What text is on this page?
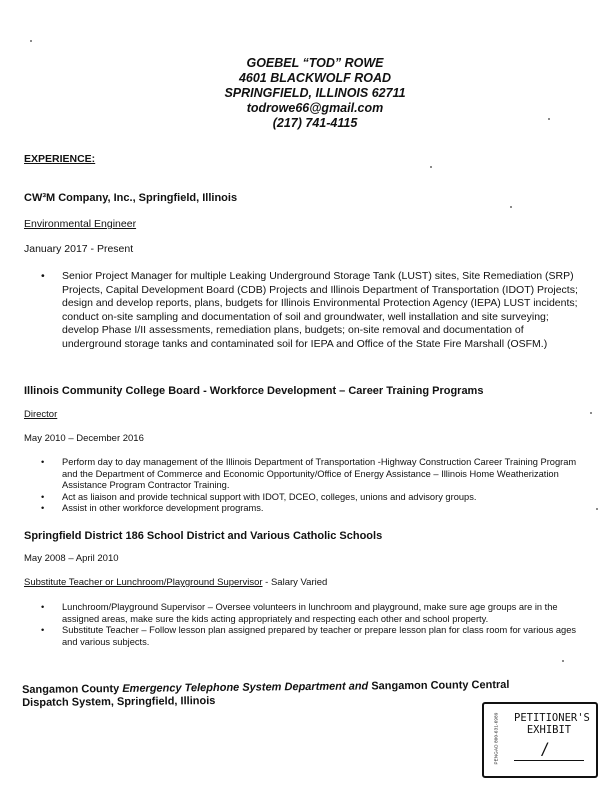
GOEBEL “TOD” ROWE
4601 BLACKWOLF ROAD
SPRINGFIELD, ILLINOIS 62711
todrowe66@gmail.com
(217) 741-4115
EXPERIENCE:
CW³M Company, Inc., Springfield, Illinois
Environmental Engineer
January 2017 - Present
• Senior Project Manager for multiple Leaking Underground Storage Tank (LUST) sites, Site Remediation (SRP) Projects, Capital Development Board (CDB) Projects and Illinois Department of Transportation (IDOT) Projects; design and develop reports, plans, budgets for Illinois Environmental Protection Agency (IEPA) LUST incidents; conduct on-site sampling and documentation of soil and groundwater, well installation and site surveying; develop Phase I/II assessments, remediation plans, budgets; on-site removal and documentation of underground storage tanks and contaminated soil for IEPA and Office of the State Fire Marshall (OSFM.)
Illinois Community College Board - Workforce Development – Career Training Programs
Director
May 2010 – December 2016
• Perform day to day management of the Illinois Department of Transportation -Highway Construction Career Training Program and the Department of Commerce and Economic Opportunity/Office of Energy Assistance – Illinois Home Weatherization Assistance Program Contractor Training.
• Act as liaison and provide technical support with IDOT, DCEO, colleges, unions and advisory groups.
• Assist in other workforce development programs.
Springfield District 186 School District and Various Catholic Schools
May 2008 – April 2010
Substitute Teacher or Lunchroom/Playground Supervisor - Salary Varied
• Lunchroom/Playground Supervisor – Oversee volunteers in lunchroom and playground, make sure age groups are in the assigned areas, make sure the kids acting appropriately and respecting each other and school property.
• Substitute Teacher – Follow lesson plan assigned prepared by teacher or prepare lesson plan for class room for various ages and various subjects.
Sangamon County Emergency Telephone System Department and Sangamon County Central
Dispatch System, Springfield, Illinois
PENGAD 800-631-6989 PETITIONER'S
EXHIBIT
/
